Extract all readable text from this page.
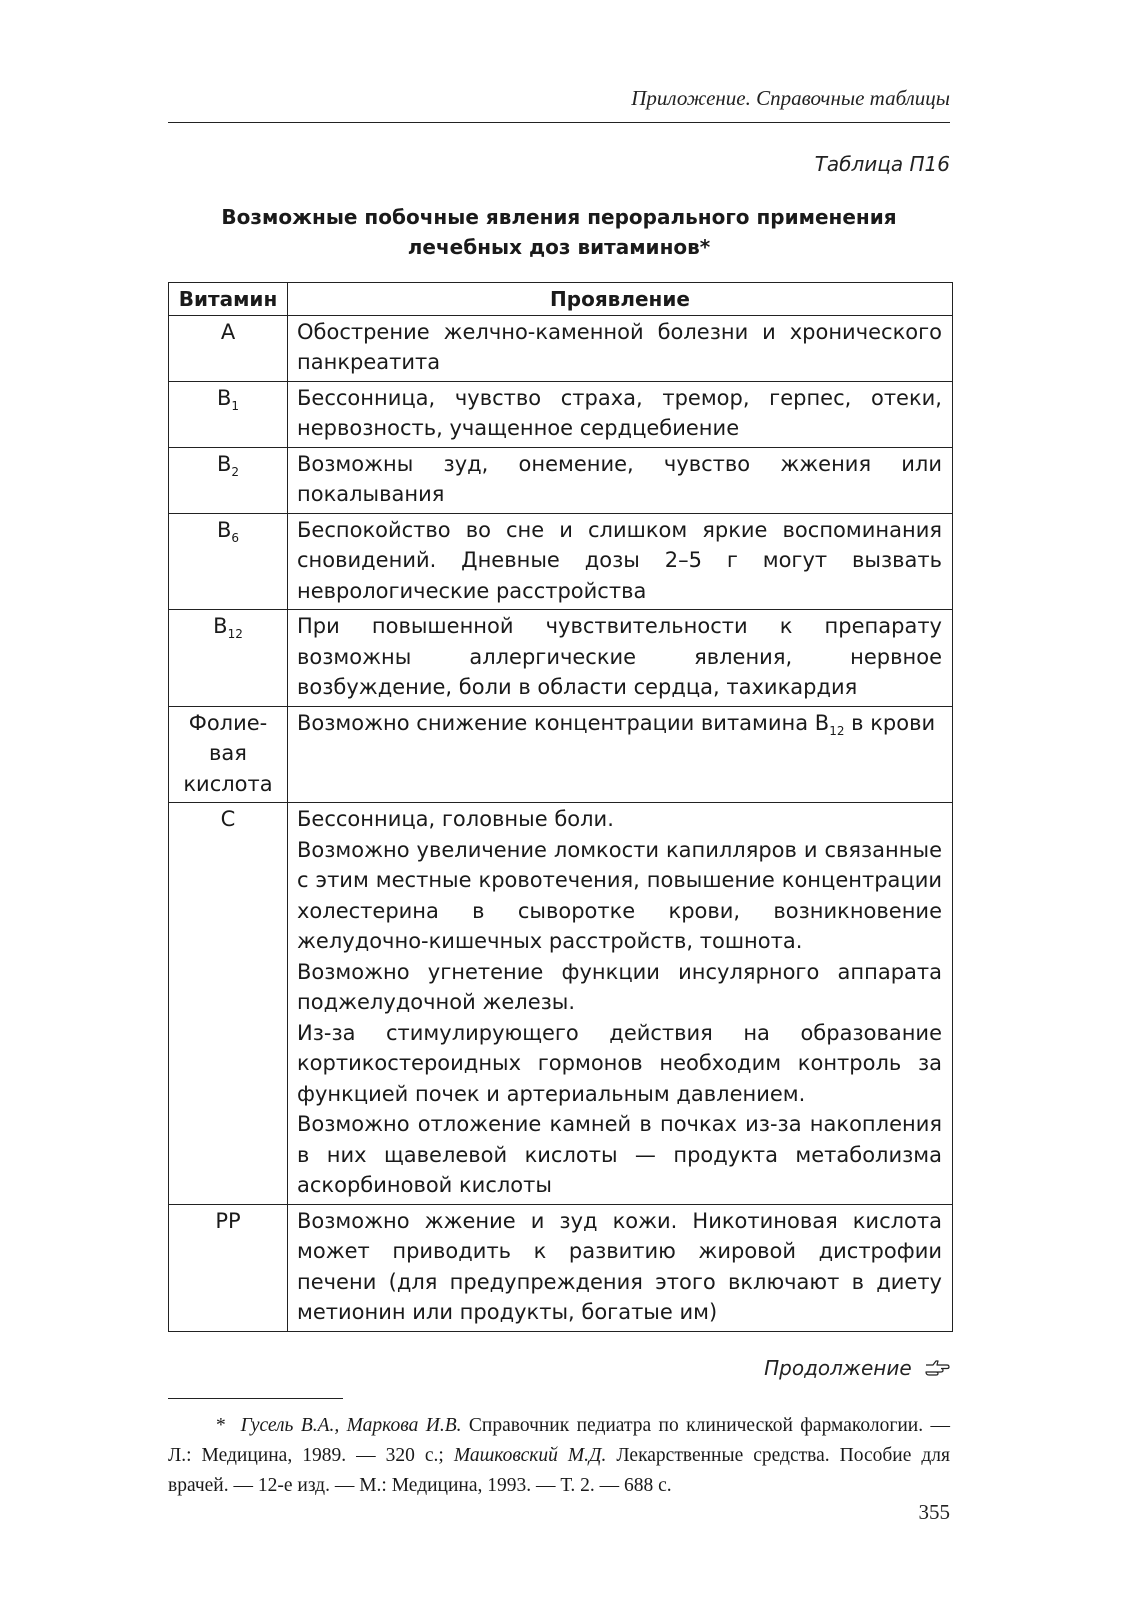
Приложение. Справочные таблицы
Таблица П16
Возможные побочные явления перорального применения
лечебных доз витаминов*
Витамин	Проявление
A	Обострение желчно-каменной болезни и хронического панкреатита

$B_1$	Бессонница, чувство страха, тремор, герпес, отеки, нервозность, учащенное сердцебиение

$B_2$	Возможны зуд, онемение, чувство жжения или покалывания

$B_6$	Беспокойство во сне и слишком яркие воспоминания сновидений. Дневные дозы 2–5 г могут вызвать неврологические расстройства

$B_{12}$	При повышенной чувствительности к препарату возможны аллергические явления, нервное возбуждение, боли в области сердца, тахикардия

Фолие-
вая
кислота	Возможно снижение концентрации витамина $B_{12}$ в крови
C	Бессонница, головные боли.
Возможно увеличение ломкости капилляров и связанные с этим местные кровотечения, повышение концентрации холестерина в сыворотке крови, возникновение желудочно-кишечных расстройств, тошнота.
Возможно угнетение функции инсулярного аппарата поджелудочной железы.
Из-за стимулирующего действия на образование кортикостероидных гормонов необходим контроль за функцией почек и артериальным давлением.
Возможно отложение камней в почках из-за накопления в них щавелевой кислоты — продукта метаболизма аскорбиновой кислоты

PP	Возможно жжение и зуд кожи. Никотиновая кислота может приводить к развитию жировой дистрофии печени (для предупреждения этого включают в диету метионин или продукты, богатые им)
Продолжение
* Гусель В.А., Маркова И.В. Справочник педиатра по клинической фармакологии. — Л.: Медицина, 1989. — 320 с.; Машковский М.Д. Лекарственные средства. Пособие для врачей. — 12-е изд. — М.: Медицина, 1993. — Т. 2. — 688 с.
355
